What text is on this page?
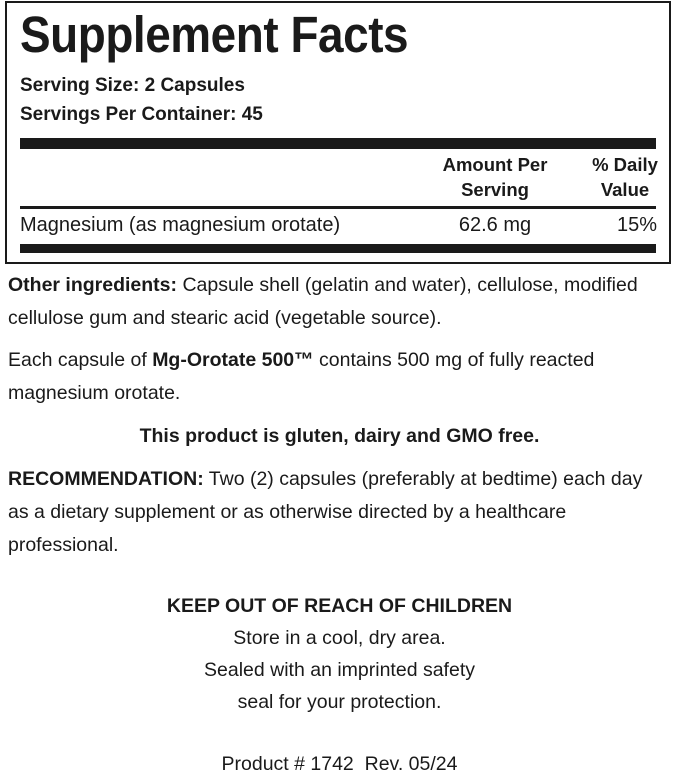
Supplement Facts
Serving Size: 2 Capsules
Servings Per Container: 45
Amount Per
Serving
% Daily
Value
Magnesium (as magnesium orotate)	62.6 mg	15%

Other ingredients: Capsule shell (gelatin and water), cellulose, modified cellulose gum and stearic acid (vegetable source).

Each capsule of Mg-Orotate 500™ contains 500 mg of fully reacted magnesium orotate.

This product is gluten, dairy and GMO free.

RECOMMENDATION: Two (2) capsules (preferably at bedtime) each day as a dietary supplement or as otherwise directed by a healthcare professional.

KEEP OUT OF REACH OF CHILDREN
Store in a cool, dry area.
Sealed with an imprinted safety
seal for your protection.
Product # 1742  Rev. 05/24
